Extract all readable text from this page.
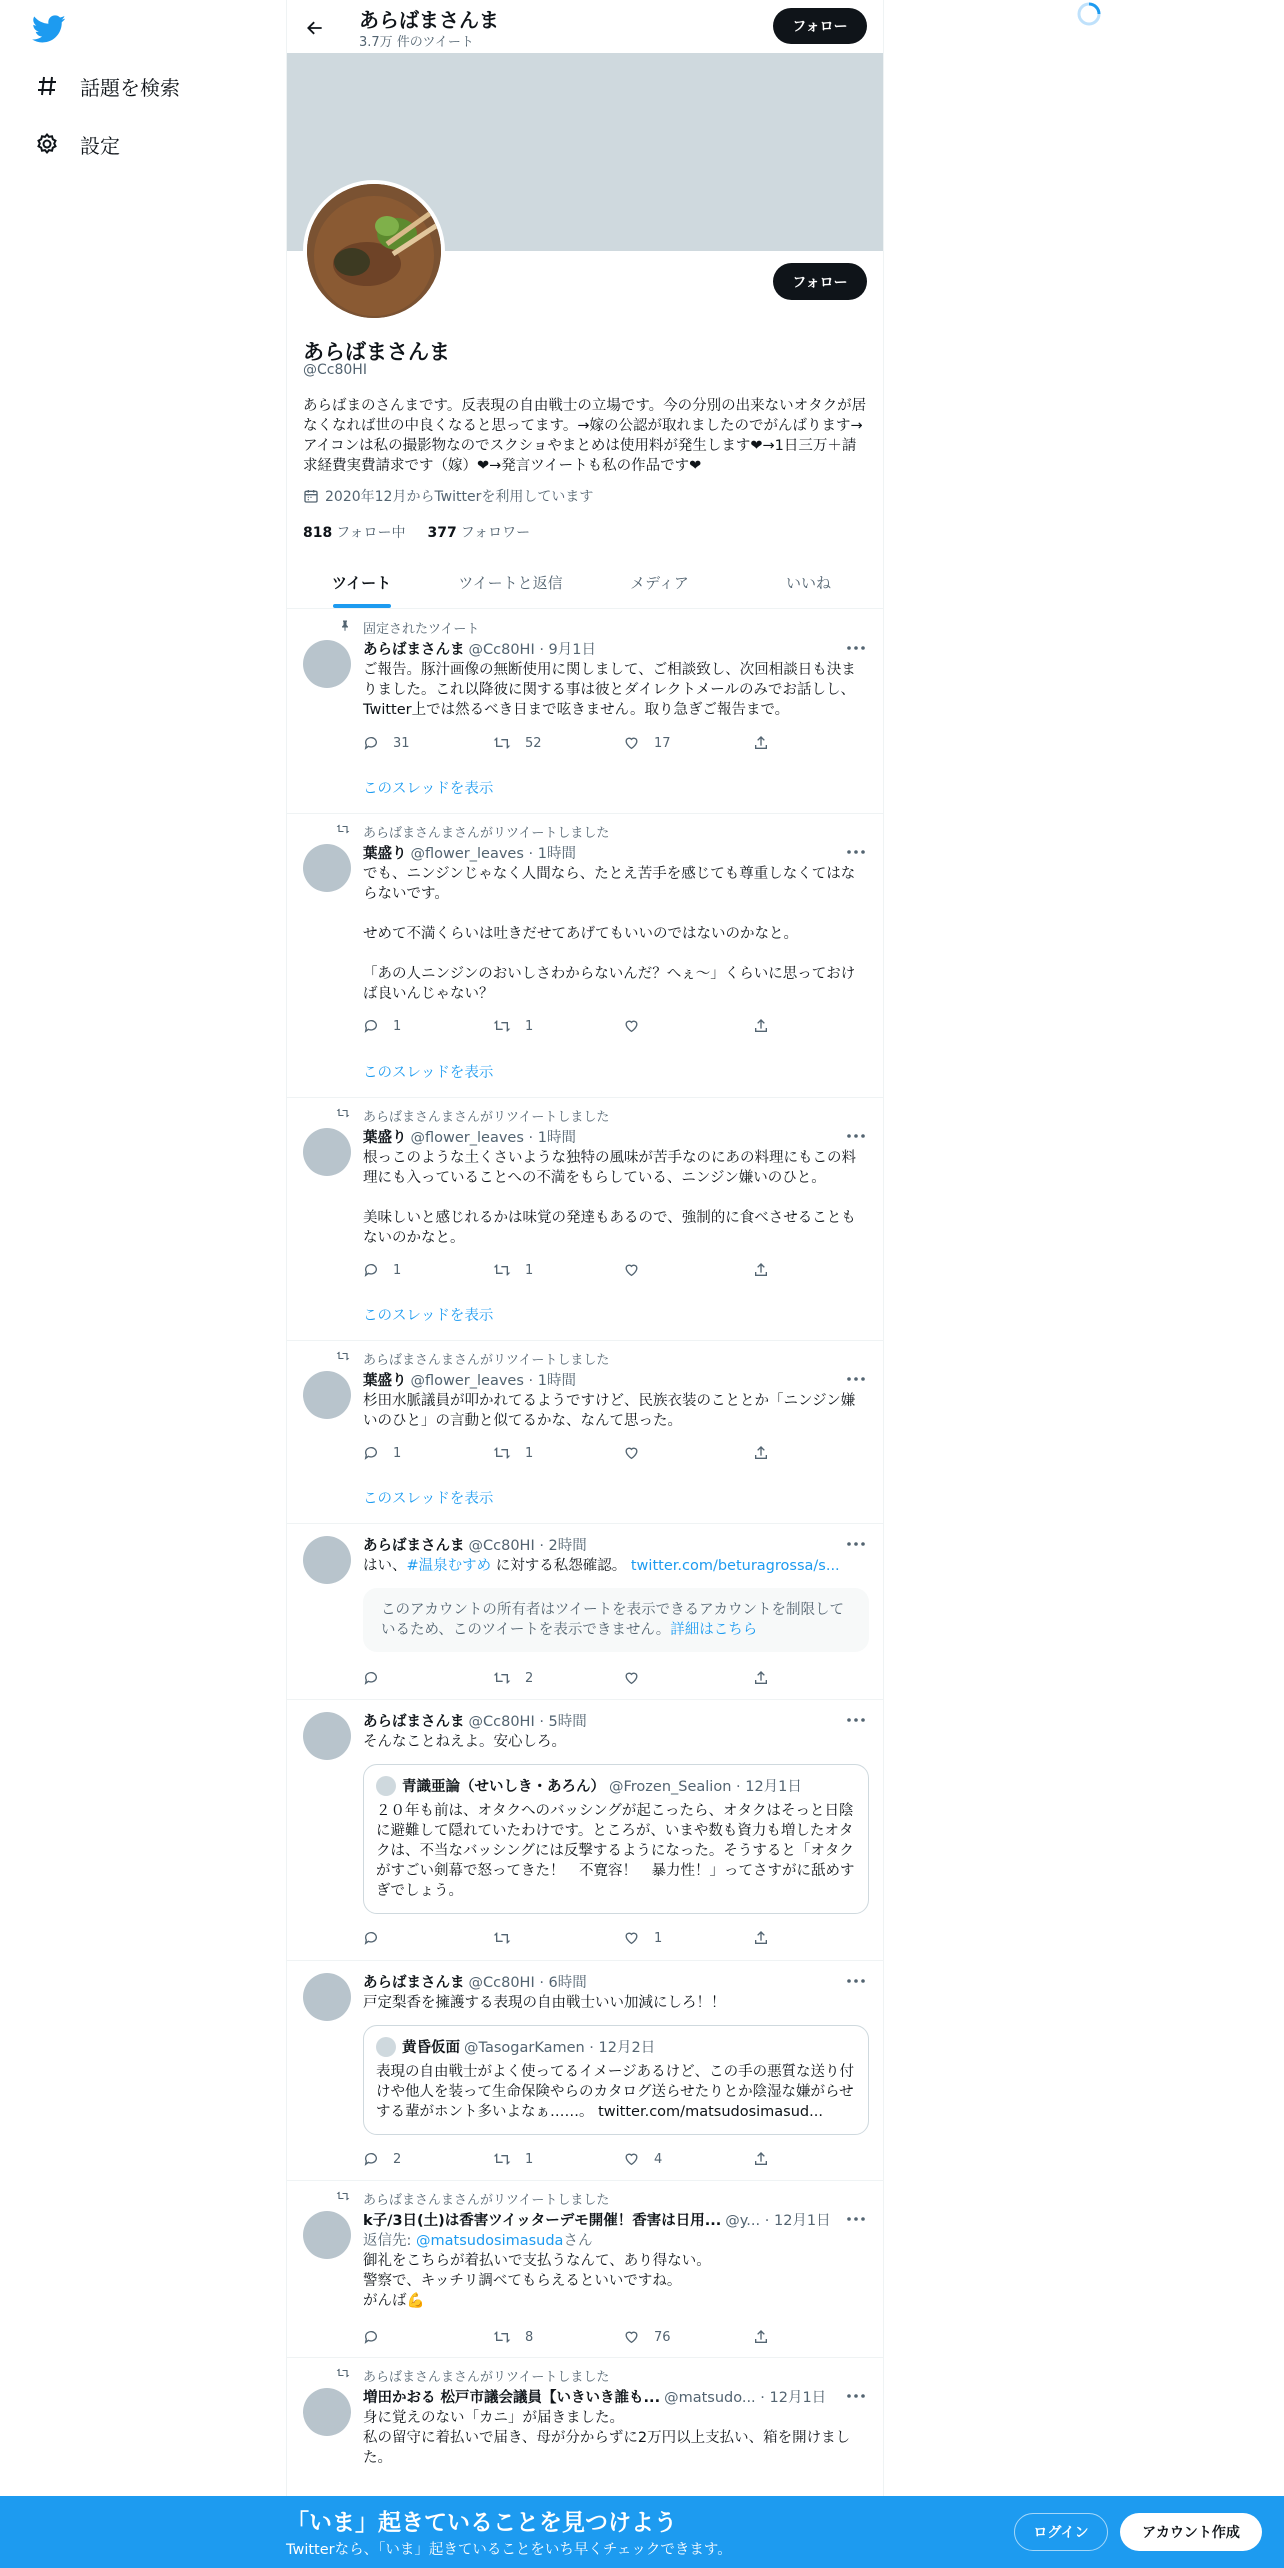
話題を検索
設定
あらばまさんま
3.7万 件のツイート
フォロー
フォロー
あらばまさんま
@Cc80HI
あらばまのさんまです。反表現の自由戦士の立場です。今の分別の出来ないオタクが居なくなれば世の中良くなると思ってます。→嫁の公認が取れましたのでがんばります→アイコンは私の撮影物なのでスクショやまとめは使用料が発生します❤→1日三万＋請求経費実費請求です（嫁）❤→発言ツイートも私の作品です❤
2020年12月からTwitterを利用しています
818 フォロー中 377 フォロワー
ツイート	ツイートと返信	メディア	いいね
固定されたツイート
あらばまさんま @Cc80HI · 9月1日
ご報告。豚汁画像の無断使用に関しまして、ご相談致し、次回相談日も決まりました。これ以降彼に関する事は彼とダイレクトメールのみでお話しし、Twitter上では然るべき日まで呟きません。取り急ぎご報告まで。
31	52	17
このスレッドを表示
あらばまさんまさんがリツイートしました
葉盛り @flower_leaves · 1時間
でも、ニンジンじゃなく人間なら、たとえ苦手を感じても尊重しなくてはならないです。

せめて不満くらいは吐きだせてあげてもいいのではないのかなと。

「あの人ニンジンのおいしさわからないんだ？へぇ〜」くらいに思っておけば良いんじゃない？
1	1
このスレッドを表示
あらばまさんまさんがリツイートしました
葉盛り @flower_leaves · 1時間
根っこのような土くさいような独特の風味が苦手なのにあの料理にもこの料理にも入っていることへの不満をもらしている、ニンジン嫌いのひと。

美味しいと感じれるかは味覚の発達もあるので、強制的に食べさせることもないのかなと。
1	1
このスレッドを表示
あらばまさんまさんがリツイートしました
葉盛り @flower_leaves · 1時間
杉田水脈議員が叩かれてるようですけど、民族衣装のこととか「ニンジン嫌いのひと」の言動と似てるかな、なんて思った。
1	1
このスレッドを表示
あらばまさんま @Cc80HI · 2時間
はい、#温泉むすめ に対する私怨確認。 twitter.com/beturagrossa/s...
このアカウントの所有者はツイートを表示できるアカウントを制限しているため、このツイートを表示できません。詳細はこちら
2
あらばまさんま @Cc80HI · 5時間
そんなことねえよ。安心しろ。
青識亜論（せいしき・あろん） @Frozen_Sealion · 12月1日
２０年も前は、オタクへのバッシングが起こったら、オタクはそっと日陰に避難して隠れていたわけです。ところが、いまや数も資力も増したオタクは、不当なバッシングには反撃するようになった。そうすると「オタクがすごい剣幕で怒ってきた！　不寛容！　暴力性！」ってさすがに舐めすぎでしょう。
1
あらばまさんま @Cc80HI · 6時間
戸定梨香を擁護する表現の自由戦士いい加減にしろ！！
黄昏仮面 @TasogarKamen · 12月2日
表現の自由戦士がよく使ってるイメージあるけど、この手の悪質な送り付けや他人を装って生命保険やらのカタログ送らせたりとか陰湿な嫌がらせする輩がホント多いよなぁ……。 twitter.com/matsudosimasud...
2	1	4
あらばまさんまさんがリツイートしました
k子/3日(土)は香害ツイッターデモ開催！香害は日用... @y... · 12月1日
返信先: @matsudosimasudaさん
御礼をこちらが着払いで支払うなんて、あり得ない。
警察で、キッチリ調べてもらえるといいですね。
がんば💪
8	76
あらばまさんまさんがリツイートしました
増田かおる 松戸市議会議員【いきいき誰も... @matsudo... · 12月1日
身に覚えのない「カニ」が届きました。
私の留守に着払いで届き、母が分からずに2万円以上支払い、箱を開けました。
「いま」起きていることを見つけよう
Twitterなら、「いま」起きていることをいち早くチェックできます。
ログイン	アカウント作成
